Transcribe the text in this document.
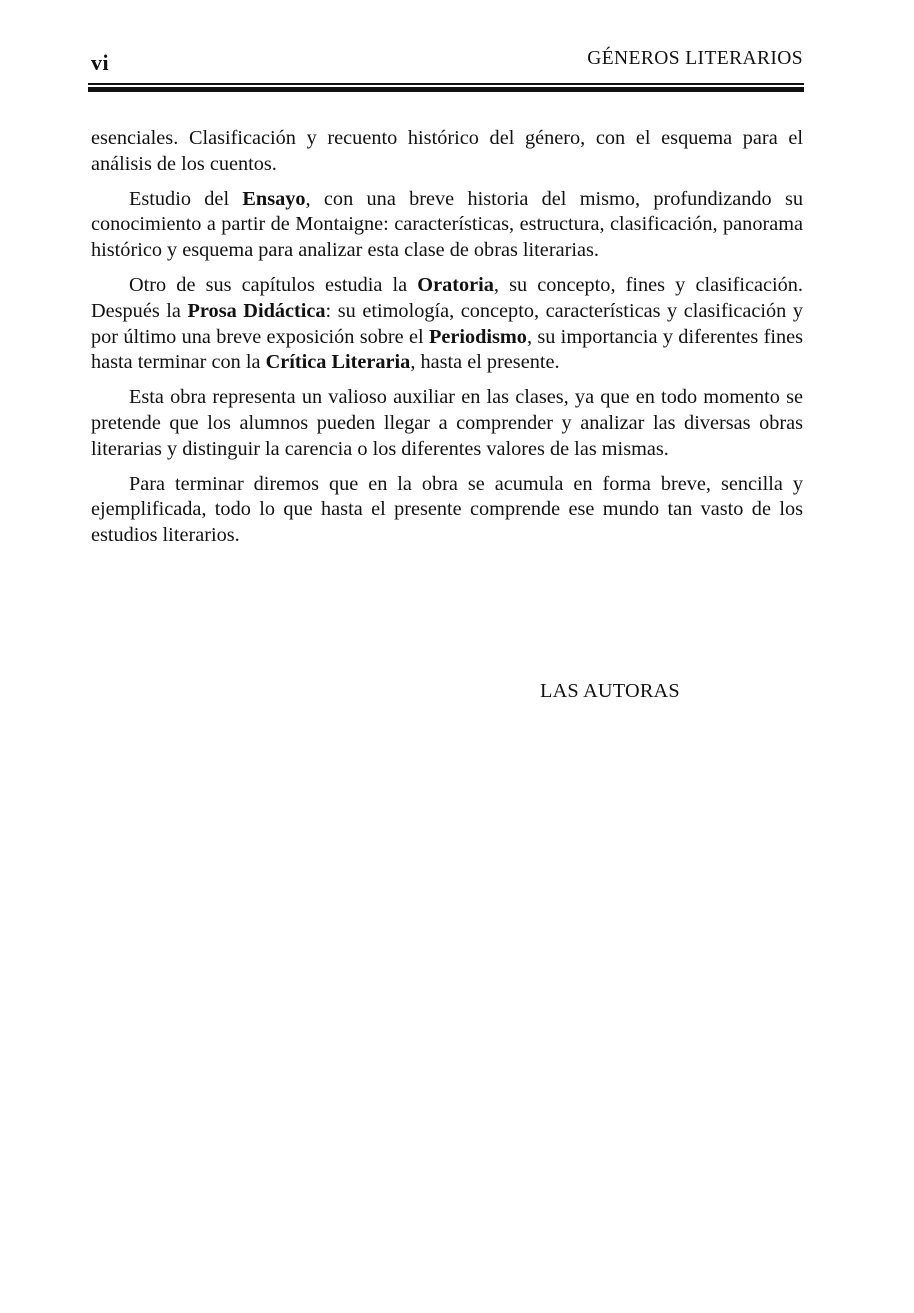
vi	GÉNEROS LITERARIOS

esenciales. Clasificación y recuento histórico del género, con el esquema para el análisis de los cuentos.

Estudio del Ensayo, con una breve historia del mismo, profundizando su conocimiento a partir de Montaigne: características, estructura, clasificación, panorama histórico y esquema para analizar esta clase de obras literarias.

Otro de sus capítulos estudia la Oratoria, su concepto, fines y clasificación. Después la Prosa Didáctica: su etimología, concepto, características y clasificación y por último una breve exposición sobre el Periodismo, su importancia y diferentes fines hasta terminar con la Crítica Literaria, hasta el presente.

Esta obra representa un valioso auxiliar en las clases, ya que en todo momento se pretende que los alumnos pueden llegar a comprender y analizar las diversas obras literarias y distinguir la carencia o los diferentes valores de las mismas.

Para terminar diremos que en la obra se acumula en forma breve, sencilla y ejemplificada, todo lo que hasta el presente comprende ese mundo tan vasto de los estudios literarios.

LAS AUTORAS
